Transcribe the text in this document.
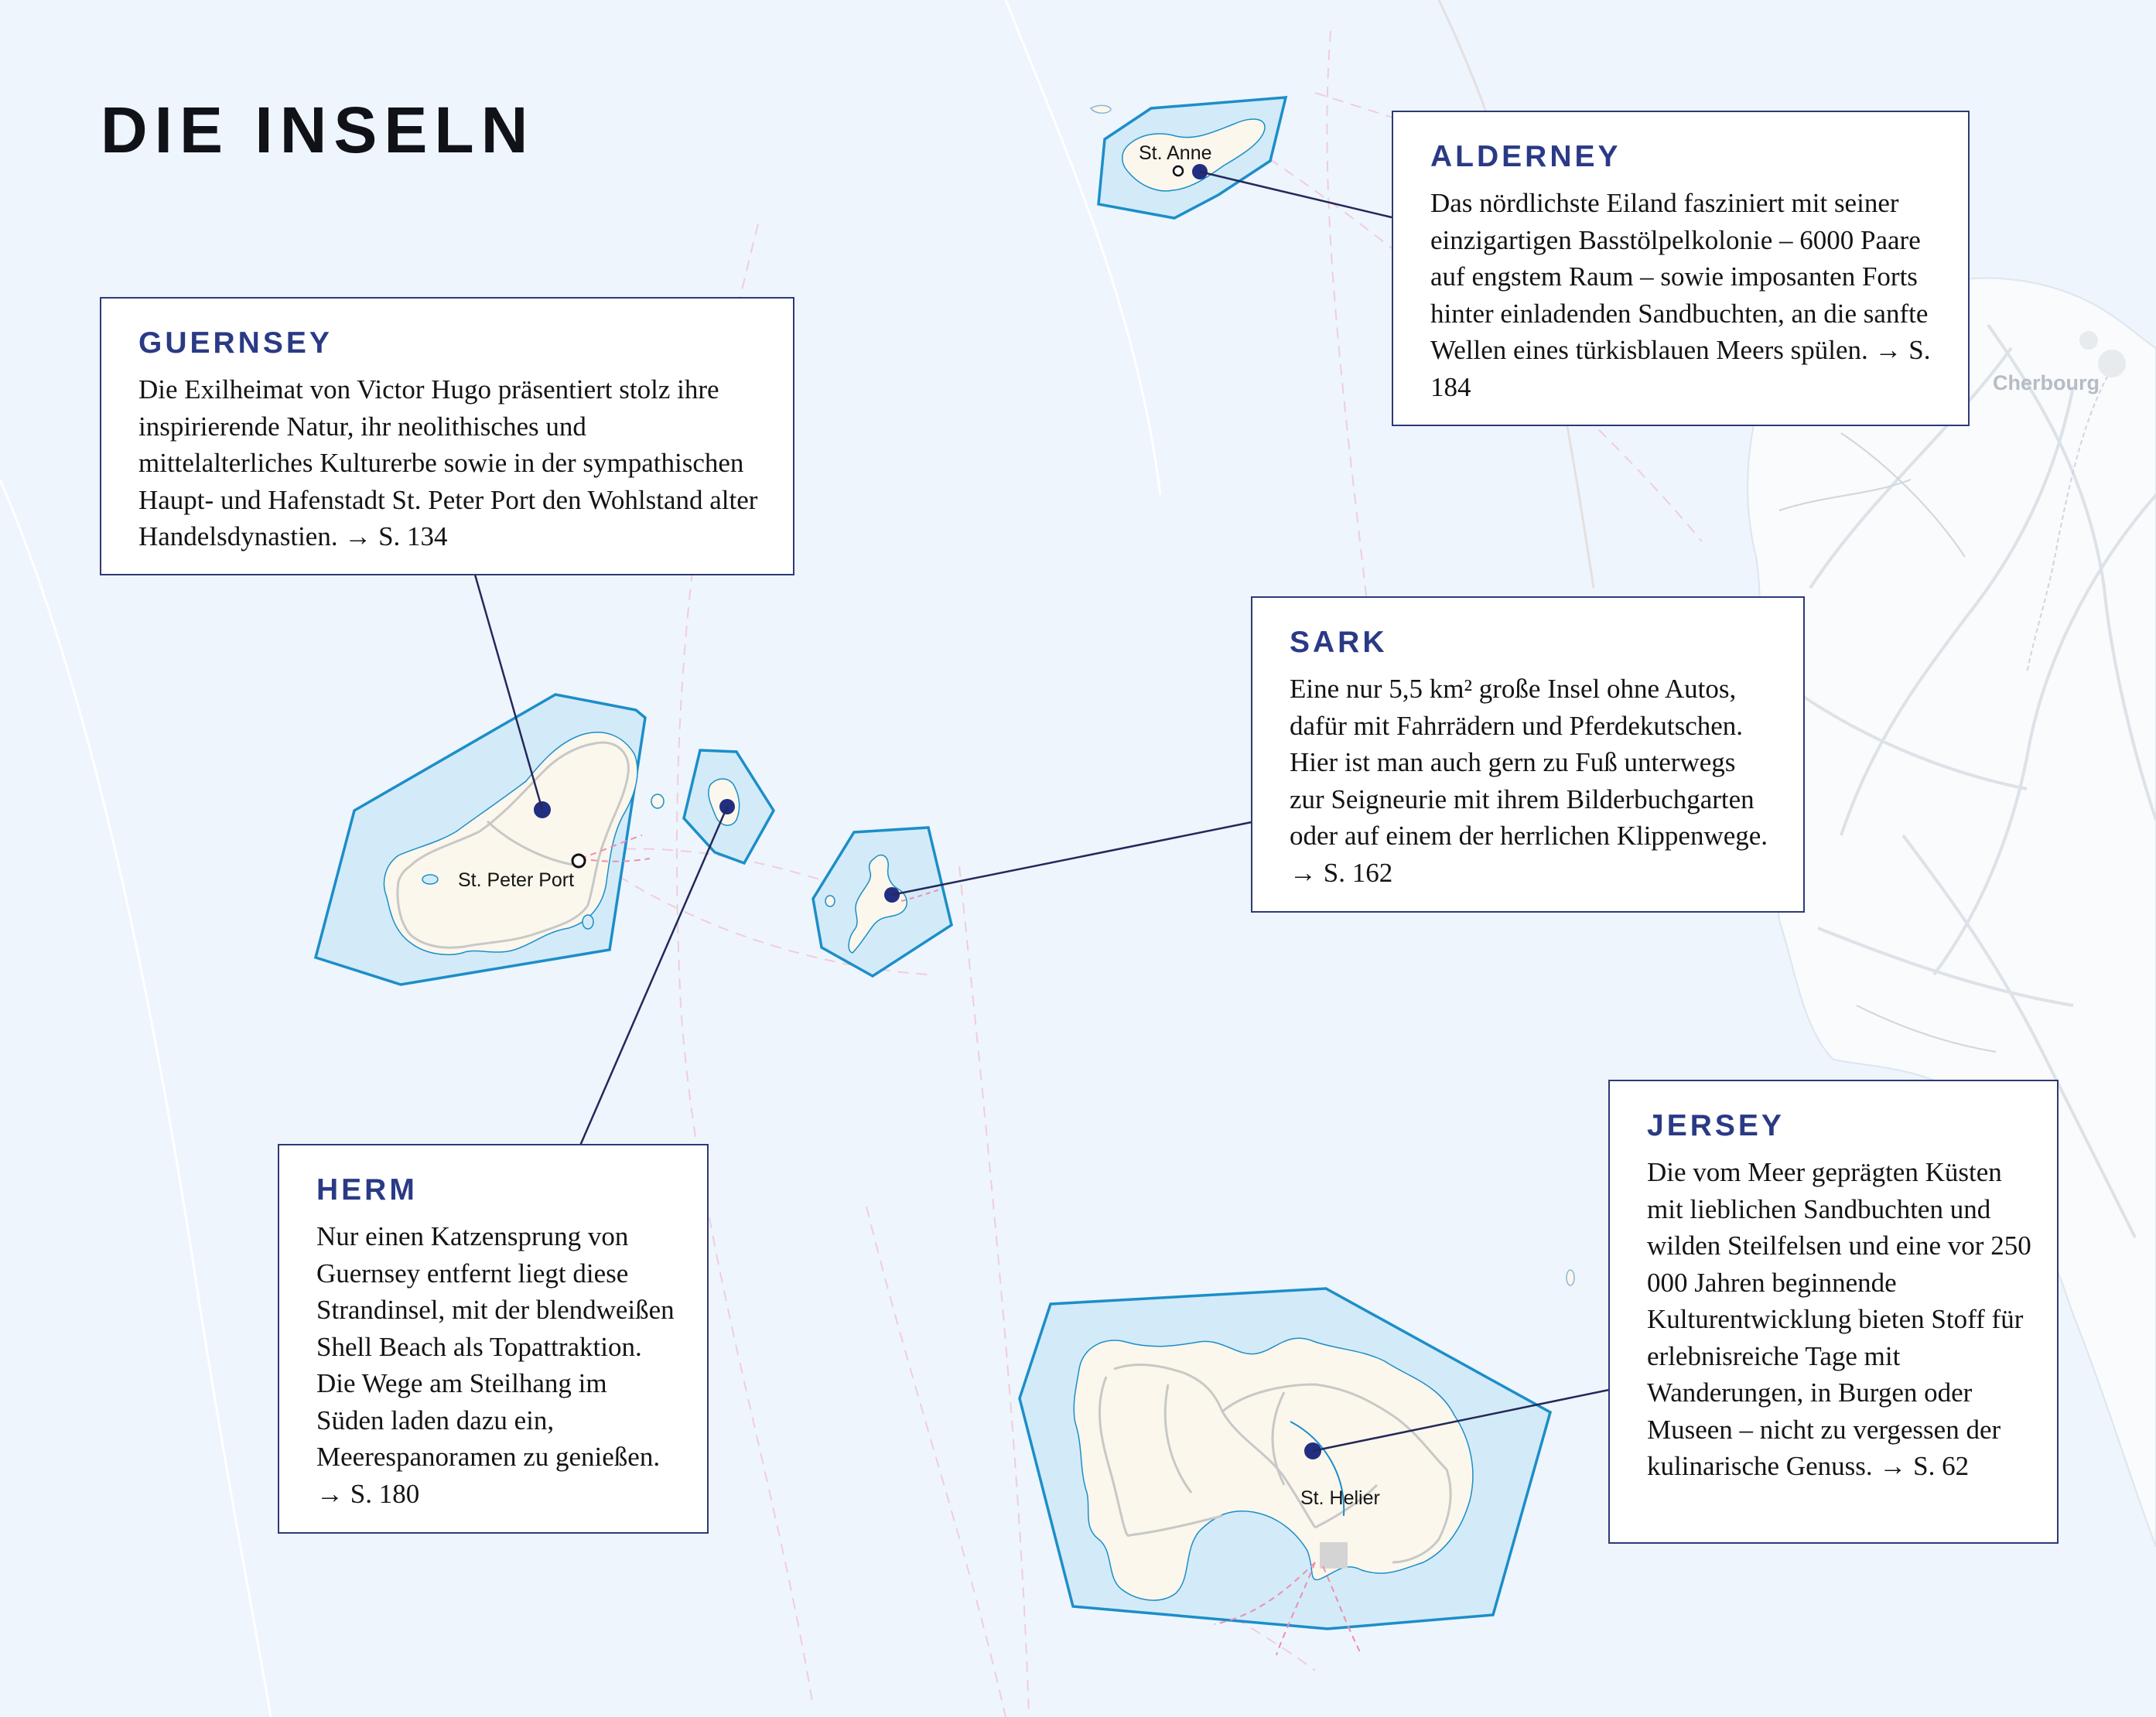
DIE INSELN	St. Anne
St. Peter Port
St. Helier
Cherbourg
ALDERNEY

Das nördlichste Eiland fasziniert mit seiner einzigartigen Basstölpelkolonie – 6000 Paare auf engstem Raum – sowie imposanten Forts hinter einladenden Sandbuchten, an die sanfte Wellen eines türkisblauen Meers spülen. → S. 184

GUERNSEY

Die Exilheimat von Victor Hugo präsentiert stolz ihre inspirierende Natur, ihr neolithisches und mittelalterliches Kulturerbe sowie in der sympathischen Haupt- und Hafenstadt St. Peter Port den Wohlstand alter Handelsdynastien. → S. 134

SARK

Eine nur 5,5 km² große Insel ohne Autos, dafür mit Fahrrädern und Pferdekutschen. Hier ist man auch gern zu Fuß unterwegs zur Seigneurie mit ihrem Bilderbuchgarten oder auf einem der herrlichen Klippenwege. → S. 162

HERM

Nur einen Katzensprung von Guernsey entfernt liegt diese Strandinsel, mit der blendweißen Shell Beach als Topattraktion. Die Wege am Steilhang im Süden laden dazu ein, Meerespanoramen zu genießen. → S. 180

JERSEY

Die vom Meer geprägten Küsten mit lieblichen Sandbuchten und wilden Steilfelsen und eine vor 250 000 Jahren beginnende Kulturentwicklung bieten Stoff für erlebnisreiche Tage mit Wanderungen, in Burgen oder Museen – nicht zu vergessen der kulinarische Genuss. → S. 62
